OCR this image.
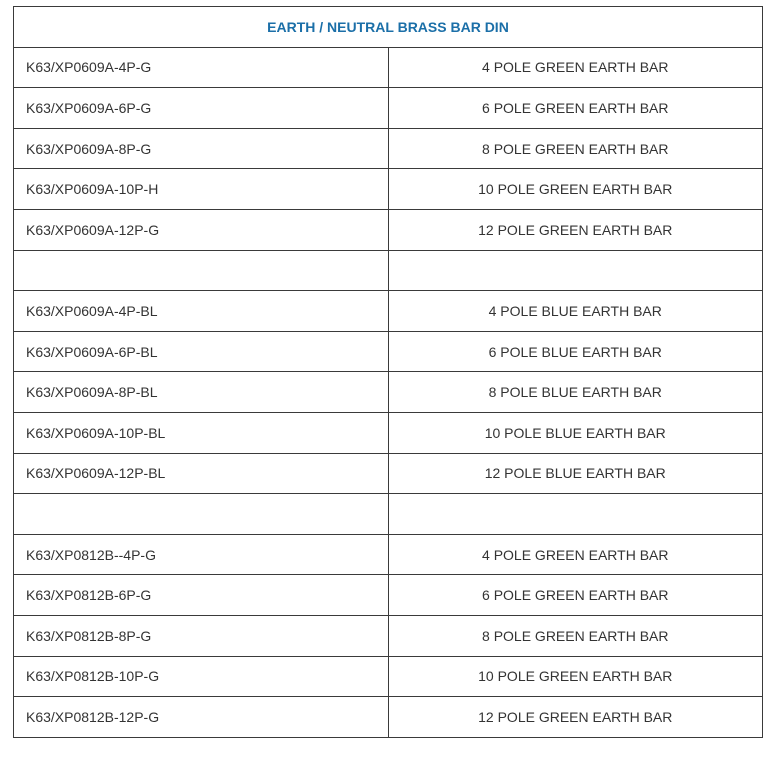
EARTH / NEUTRAL BRASS BAR DIN	
K63/XP0609A-4P-G	4 POLE GREEN EARTH BAR
K63/XP0609A-6P-G	6 POLE GREEN EARTH BAR
K63/XP0609A-8P-G	8 POLE GREEN EARTH BAR
K63/XP0609A-10P-H	10 POLE GREEN EARTH BAR
K63/XP0609A-12P-G	12 POLE GREEN EARTH BAR

K63/XP0609A-4P-BL	4 POLE BLUE EARTH BAR
K63/XP0609A-6P-BL	6 POLE BLUE EARTH BAR
K63/XP0609A-8P-BL	8 POLE BLUE EARTH BAR
K63/XP0609A-10P-BL	10 POLE BLUE EARTH BAR
K63/XP0609A-12P-BL	12 POLE BLUE EARTH BAR

K63/XP0812B--4P-G	4 POLE GREEN EARTH BAR
K63/XP0812B-6P-G	6 POLE GREEN EARTH BAR
K63/XP0812B-8P-G	8 POLE GREEN EARTH BAR
K63/XP0812B-10P-G	10 POLE GREEN EARTH BAR
K63/XP0812B-12P-G	12 POLE GREEN EARTH BAR
